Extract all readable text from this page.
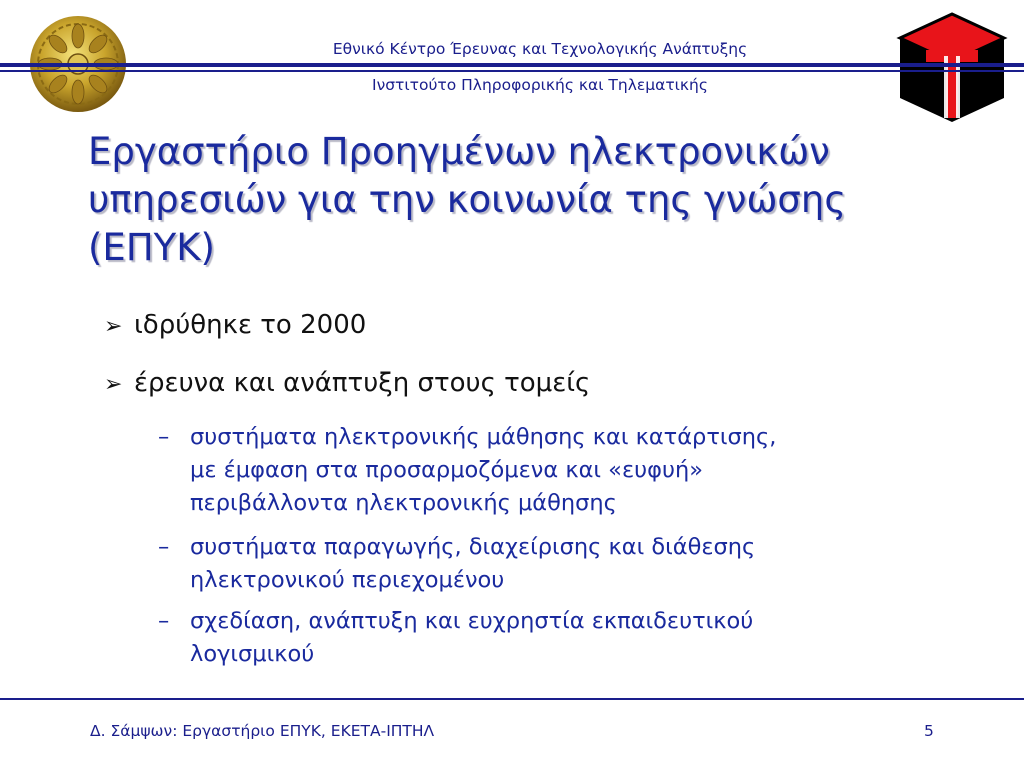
Εθνικό Κέντρο Έρευνας και Τεχνολογικής Ανάπτυξης
Ινστιτούτο Πληροφορικής και Τηλεματικής
Εργαστήριο Προηγμένων ηλεκτρονικών
υπηρεσιών για την κοινωνία της γνώσης
(ΕΠΥΚ)
➢ ιδρύθηκε το 2000
➢ έρευνα και ανάπτυξη στους τομείς
– συστήματα ηλεκτρονικής μάθησης και κατάρτισης,
με έμφαση στα προσαρμοζόμενα και «ευφυή»
περιβάλλοντα ηλεκτρονικής μάθησης
– συστήματα παραγωγής, διαχείρισης και διάθεσης
ηλεκτρονικού περιεχομένου
– σχεδίαση, ανάπτυξη και ευχρηστία εκπαιδευτικού
λογισμικού
Δ. Σάμψων: Εργαστήριο ΕΠΥΚ, ΕΚΕΤΑ-ΙΠΤΗΛ	5
